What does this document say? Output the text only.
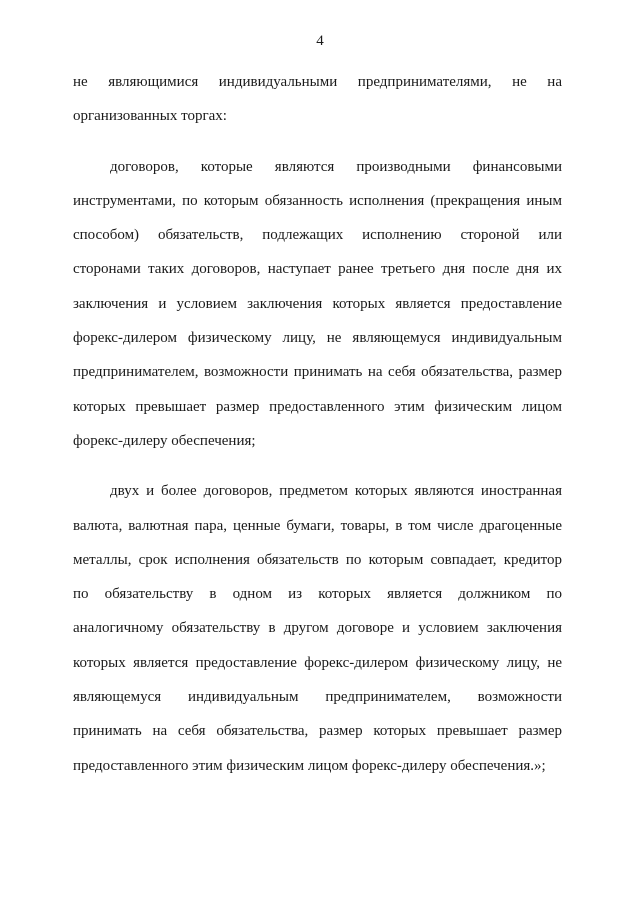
4
не являющимися индивидуальными предпринимателями, не на
организованных торгах:
договоров, которые являются производными финансовыми
инструментами, по которым обязанность исполнения (прекращения иным
способом) обязательств, подлежащих исполнению стороной или
сторонами таких договоров, наступает ранее третьего дня после дня их
заключения и условием заключения которых является предоставление
форекс-дилером физическому лицу, не являющемуся индивидуальным
предпринимателем, возможности принимать на себя обязательства, размер
которых превышает размер предоставленного этим физическим лицом
форекс-дилеру обеспечения;
двух и более договоров, предметом которых являются иностранная
валюта, валютная пара, ценные бумаги, товары, в том числе драгоценные
металлы, срок исполнения обязательств по которым совпадает, кредитор
по обязательству в одном из которых является должником по
аналогичному обязательству в другом договоре и условием заключения
которых является предоставление форекс-дилером физическому лицу, не
являющемуся индивидуальным предпринимателем, возможности
принимать на себя обязательства, размер которых превышает размер
предоставленного этим физическим лицом форекс-дилеру обеспечения.»;
